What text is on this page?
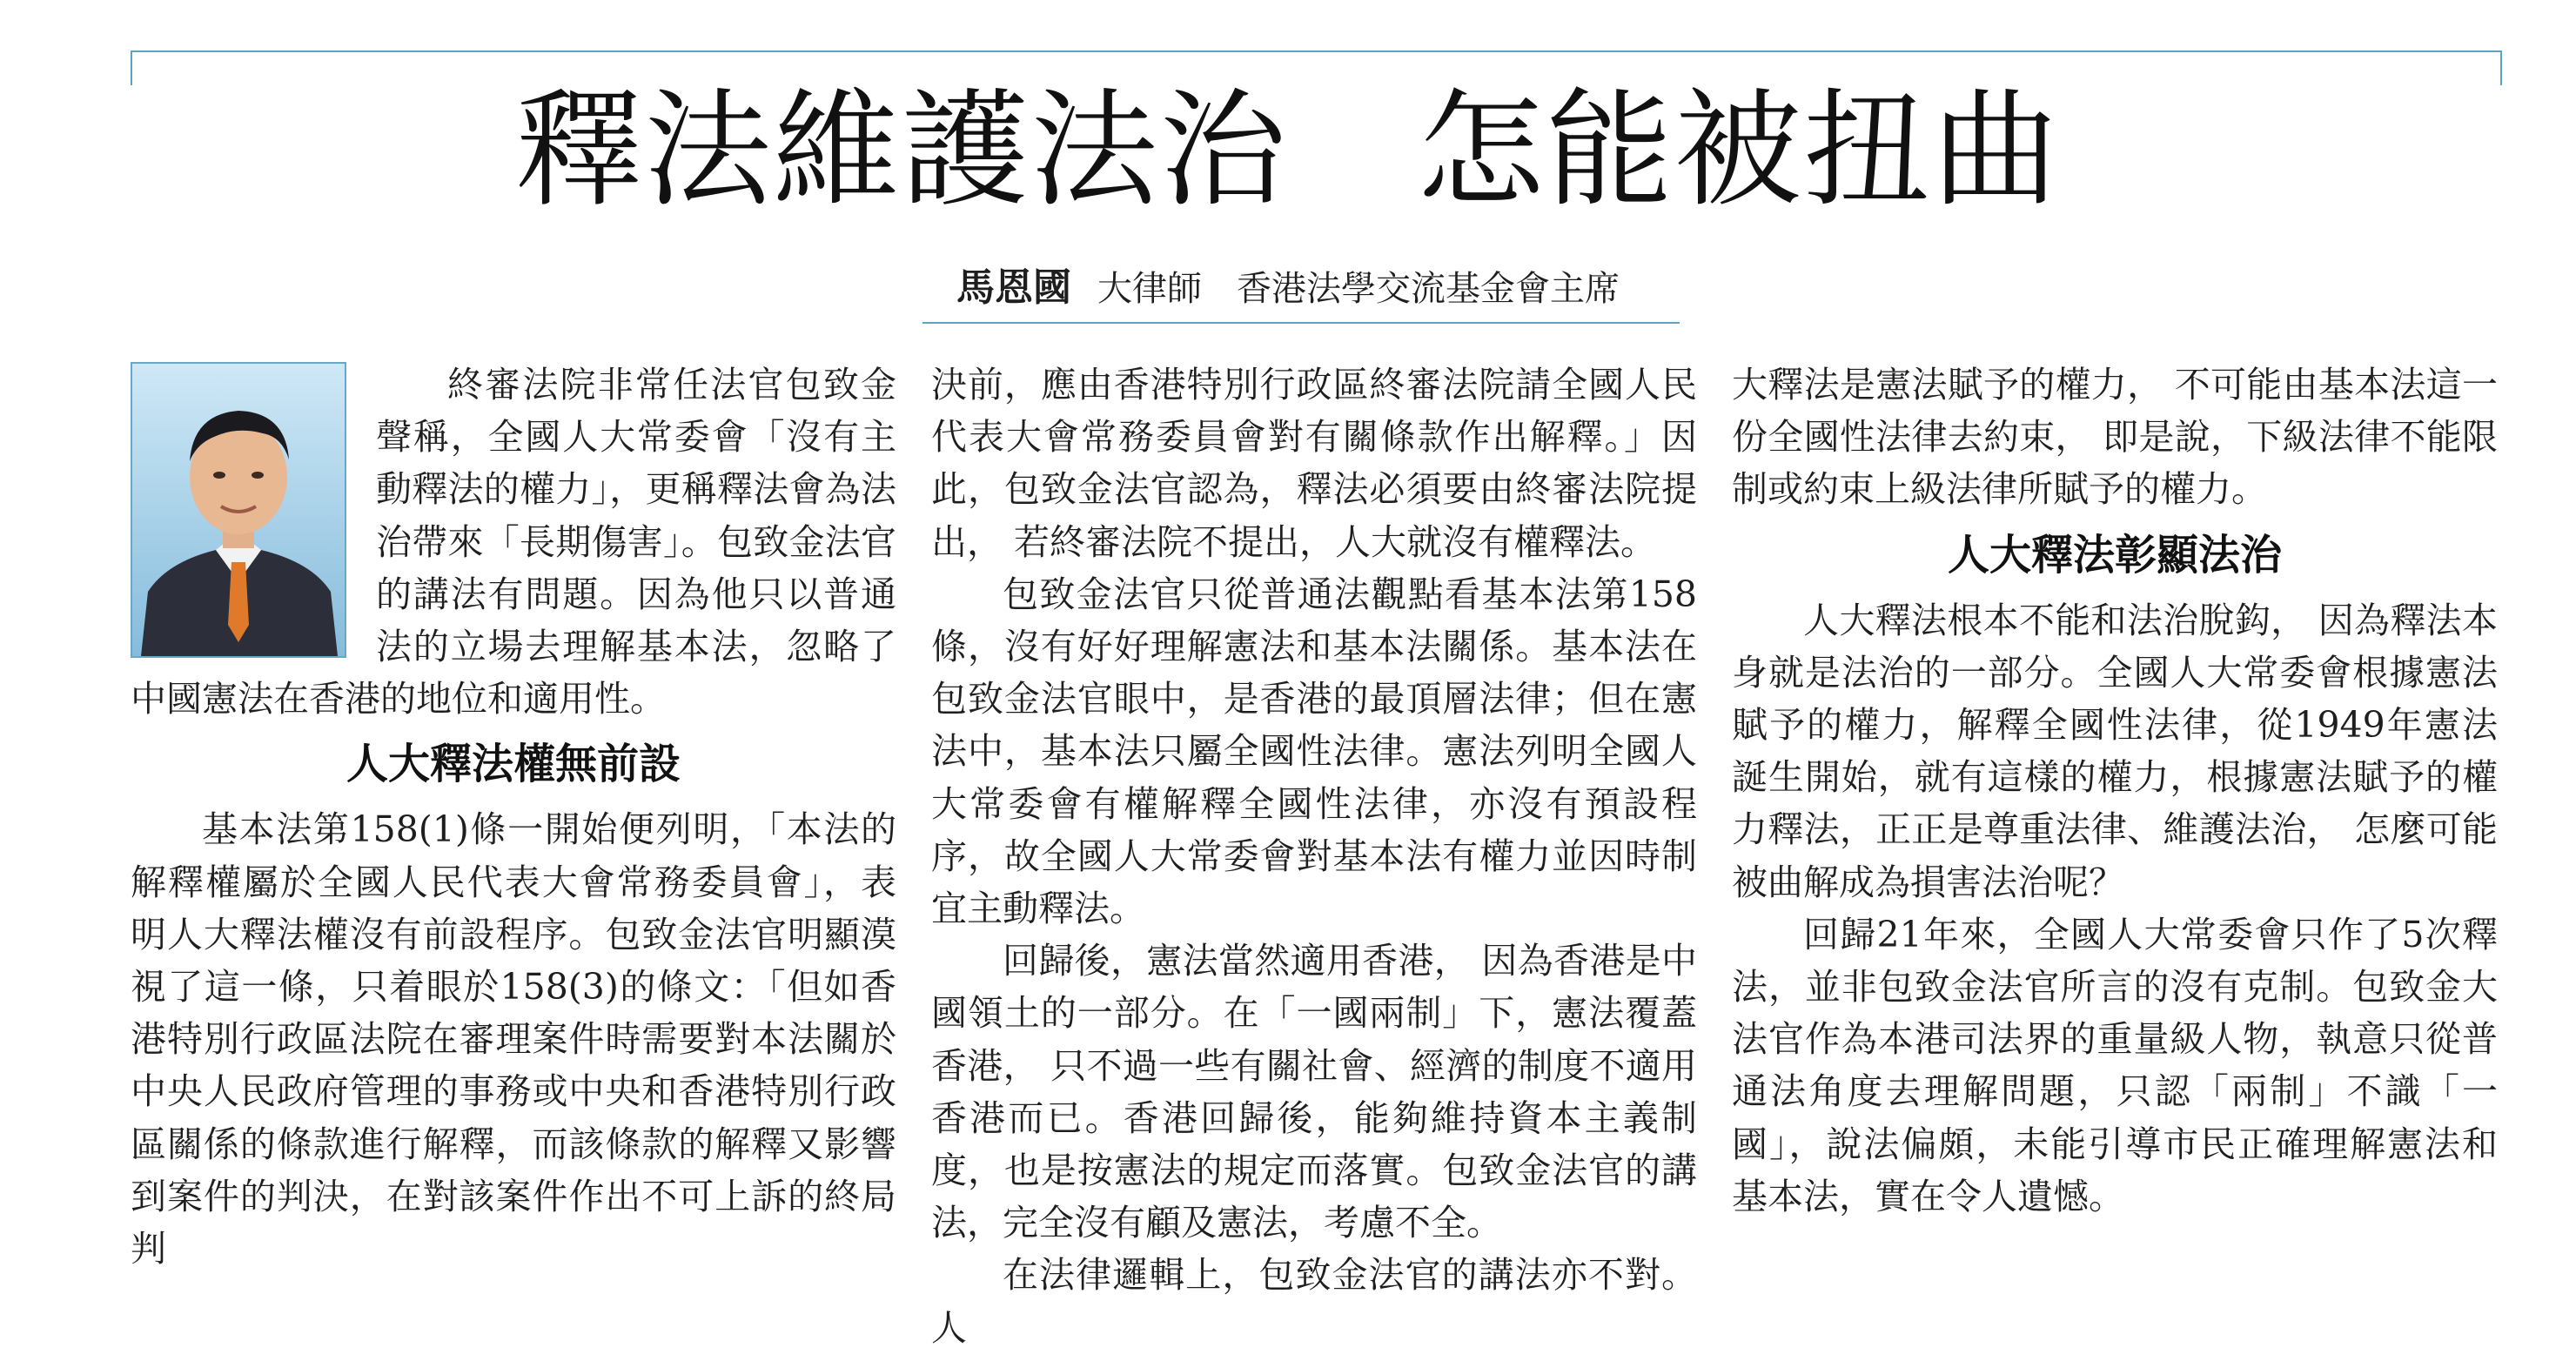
釋法維護法治　怎能被扭曲
馬恩國 大律師 香港法學交流基金會主席

終審法院非常任法官包致金聲稱，全國人大常委會「沒有主動釋法的權力」，更稱釋法會為法治帶來「長期傷害」。包致金法官的講法有問題。因為他只以普通法的立場去理解基本法，忽略了中國憲法在香港的地位和適用性。

人大釋法權無前設

基本法第158(1)條一開始便列明，「本法的解釋權屬於全國人民代表大會常務委員會」，表明人大釋法權沒有前設程序。包致金法官明顯漠視了這一條，只着眼於158(3)的條文：「但如香港特別行政區法院在審理案件時需要對本法關於中央人民政府管理的事務或中央和香港特別行政區關係的條款進行解釋，而該條款的解釋又影響到案件的判決，在對該案件作出不可上訴的終局判

決前，應由香港特別行政區終審法院請全國人民代表大會常務委員會對有關條款作出解釋。」因此，包致金法官認為，釋法必須要由終審法院提出， 若終審法院不提出，人大就沒有權釋法。

包致金法官只從普通法觀點看基本法第158條，沒有好好理解憲法和基本法關係。基本法在包致金法官眼中，是香港的最頂層法律；但在憲法中，基本法只屬全國性法律。憲法列明全國人大常委會有權解釋全國性法律，亦沒有預設程序，故全國人大常委會對基本法有權力並因時制宜主動釋法。

回歸後，憲法當然適用香港， 因為香港是中國領土的一部分。在「一國兩制」下，憲法覆蓋香港， 只不過一些有關社會、經濟的制度不適用香港而已。香港回歸後，能夠維持資本主義制度，也是按憲法的規定而落實。包致金法官的講法，完全沒有顧及憲法，考慮不全。

在法律邏輯上，包致金法官的講法亦不對。 人

大釋法是憲法賦予的權力， 不可能由基本法這一份全國性法律去約束， 即是說，下級法律不能限制或約束上級法律所賦予的權力。

人大釋法彰顯法治

人大釋法根本不能和法治脫鈎， 因為釋法本身就是法治的一部分。全國人大常委會根據憲法賦予的權力，解釋全國性法律，從1949年憲法誕生開始，就有這樣的權力，根據憲法賦予的權力釋法，正正是尊重法律、維護法治， 怎麼可能被曲解成為損害法治呢？

回歸21年來，全國人大常委會只作了5次釋法，並非包致金法官所言的沒有克制。包致金大法官作為本港司法界的重量級人物，執意只從普通法角度去理解問題，只認「兩制」不識「一國」，說法偏頗，未能引導市民正確理解憲法和基本法，實在令人遺憾。
